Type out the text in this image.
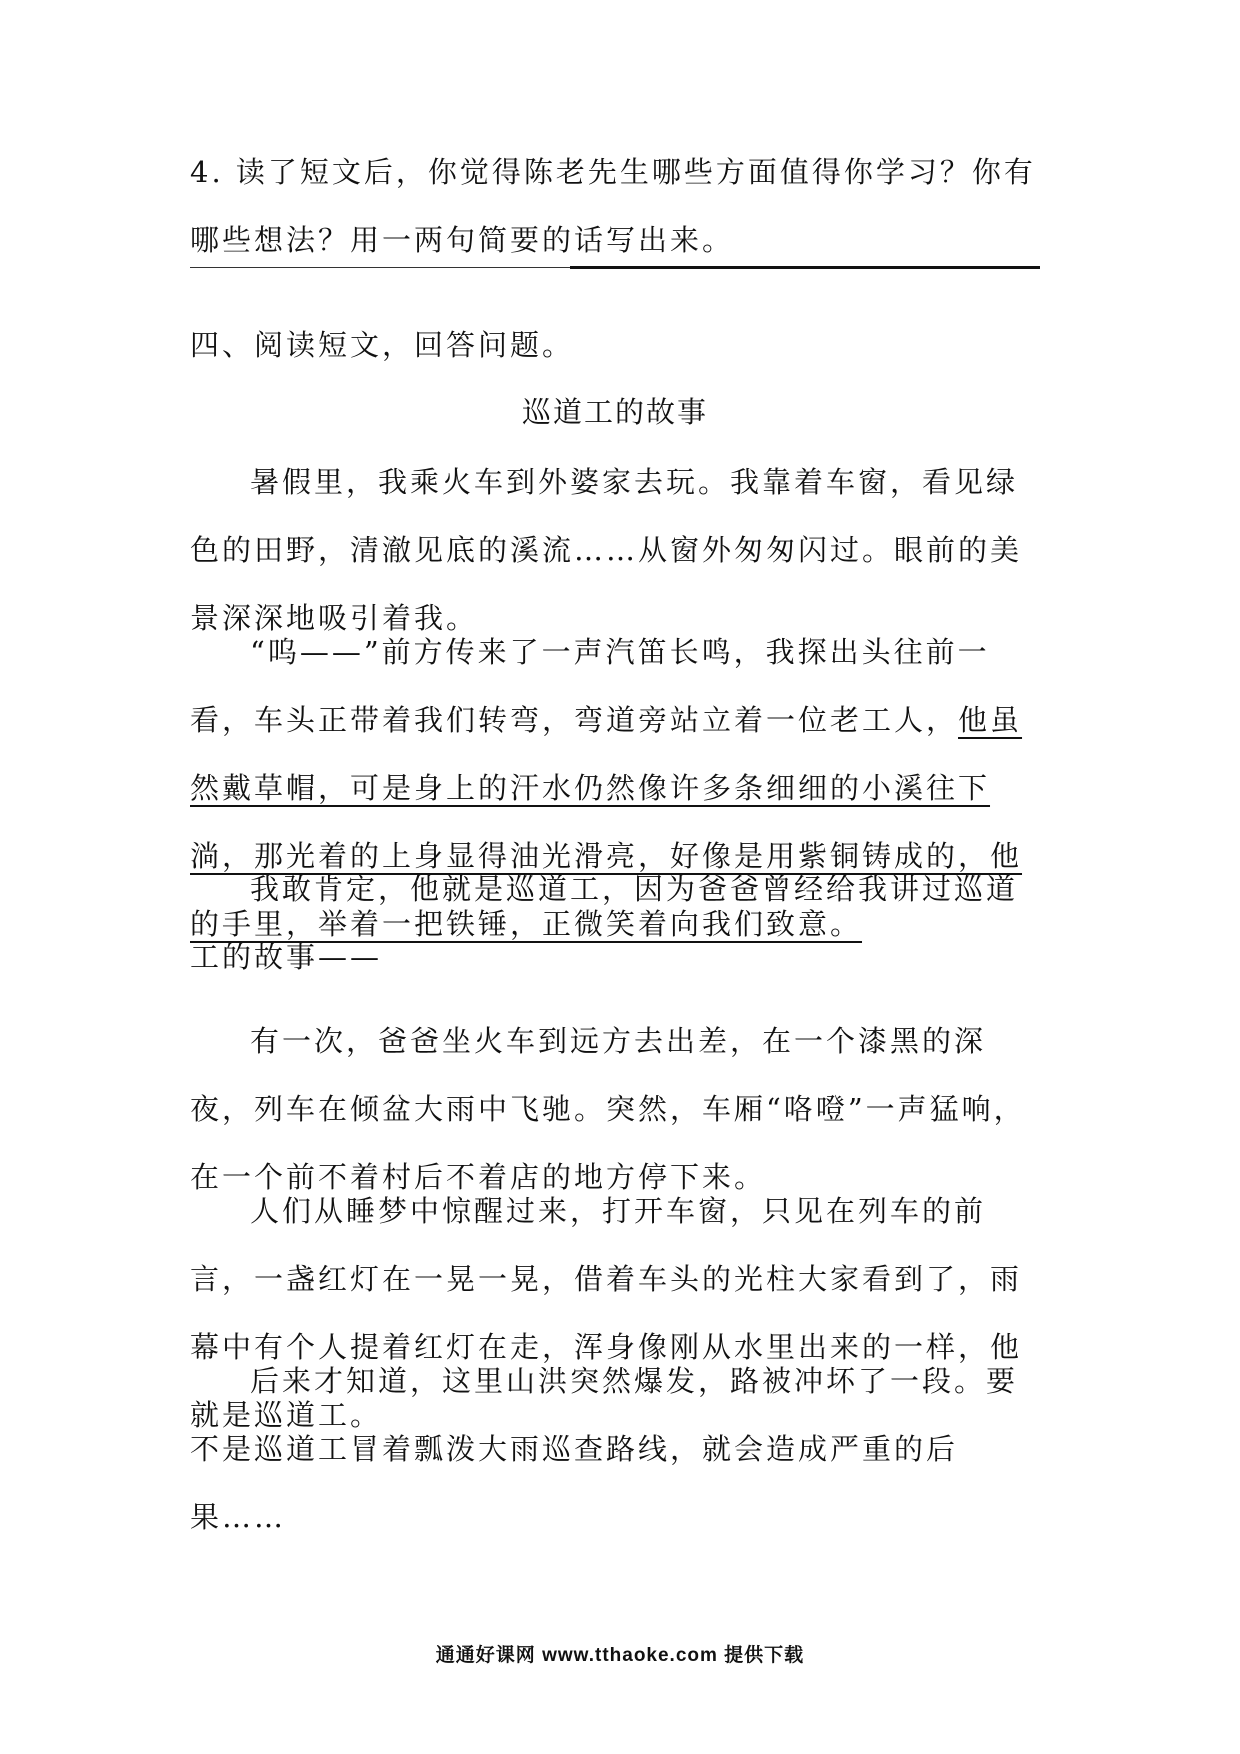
4. 读了短文后，你觉得陈老先生哪些方面值得你学习？你有哪些想法？用一两句简要的话写出来。
四、阅读短文，回答问题。
巡道工的故事
暑假里，我乘火车到外婆家去玩。我靠着车窗，看见绿色的田野，清澈见底的溪流……从窗外匆匆闪过。眼前的美景深深地吸引着我。
“呜——”前方传来了一声汽笛长鸣，我探出头往前一看，车头正带着我们转弯，弯道旁站立着一位老工人，他虽然戴草帽，可是身上的汗水仍然像许多条细细的小溪往下淌，那光着的上身显得油光滑亮，好像是用紫铜铸成的，他的手里，举着一把铁锤，正微笑着向我们致意。
我敢肯定，他就是巡道工，因为爸爸曾经给我讲过巡道工的故事——
有一次，爸爸坐火车到远方去出差，在一个漆黑的深夜，列车在倾盆大雨中飞驰。突然，车厢“咯噔”一声猛响，在一个前不着村后不着店的地方停下来。
人们从睡梦中惊醒过来，打开车窗，只见在列车的前言，一盏红灯在一晃一晃，借着车头的光柱大家看到了，雨幕中有个人提着红灯在走，浑身像刚从水里出来的一样，他就是巡道工。
后来才知道，这里山洪突然爆发，路被冲坏了一段。要不是巡道工冒着瓢泼大雨巡查路线，就会造成严重的后果……
通通好课网 www.tthaoke.com 提供下载
